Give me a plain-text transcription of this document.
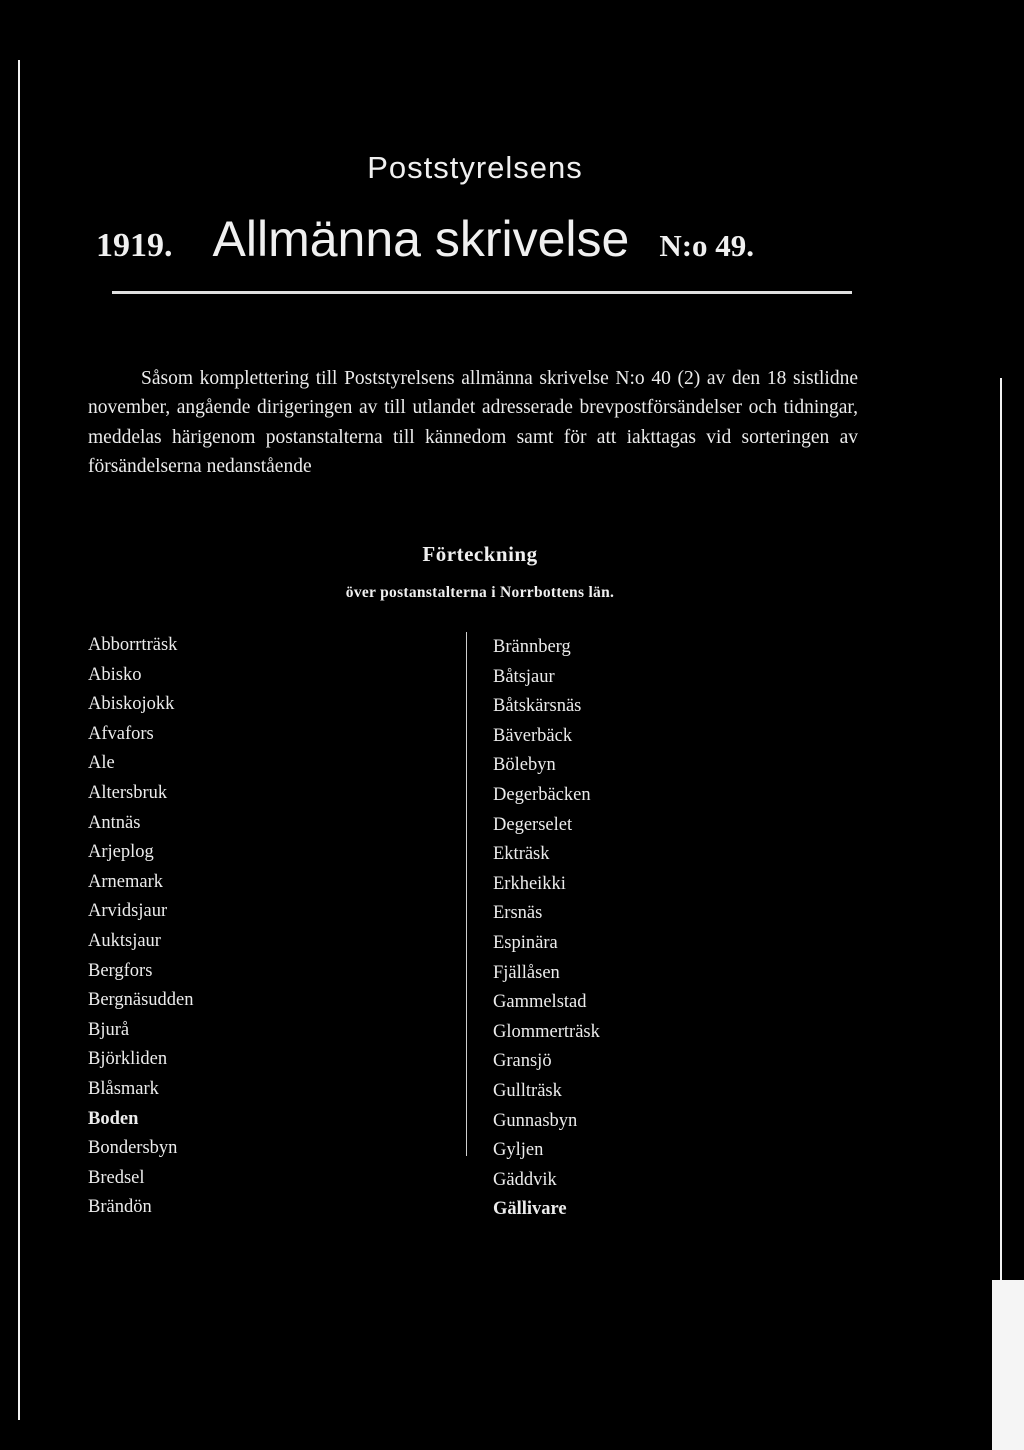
Poststyrelsens
1919. Allmänna skrivelse N:o 49.

Såsom komplettering till Poststyrelsens allmänna skrivelse N:o 40 (2) av den 18 sistlidne november, angående dirigeringen av till utlandet adresserade brevpostförsändelser och tidningar, meddelas härigenom postanstalterna till kännedom samt för att iakttagas vid sorteringen av försändelserna nedanstående

Förteckning
över postanstalterna i Norrbottens län.
Abborrträsk
Abisko
Abiskojokk
Afvafors
Ale
Altersbruk
Antnäs
Arjeplog
Arnemark
Arvidsjaur
Auktsjaur
Bergfors
Bergnäsudden
Bjurå
Björkliden
Blåsmark
Boden
Bondersbyn
Bredsel
Brändön
Brännberg
Båtsjaur
Båtskärsnäs
Bäverbäck
Bölebyn
Degerbäcken
Degerselet
Ekträsk
Erkheikki
Ersnäs
Espinära
Fjällåsen
Gammelstad
Glommerträsk
Gransjö
Gullträsk
Gunnasbyn
Gyljen
Gäddvik
Gällivare
